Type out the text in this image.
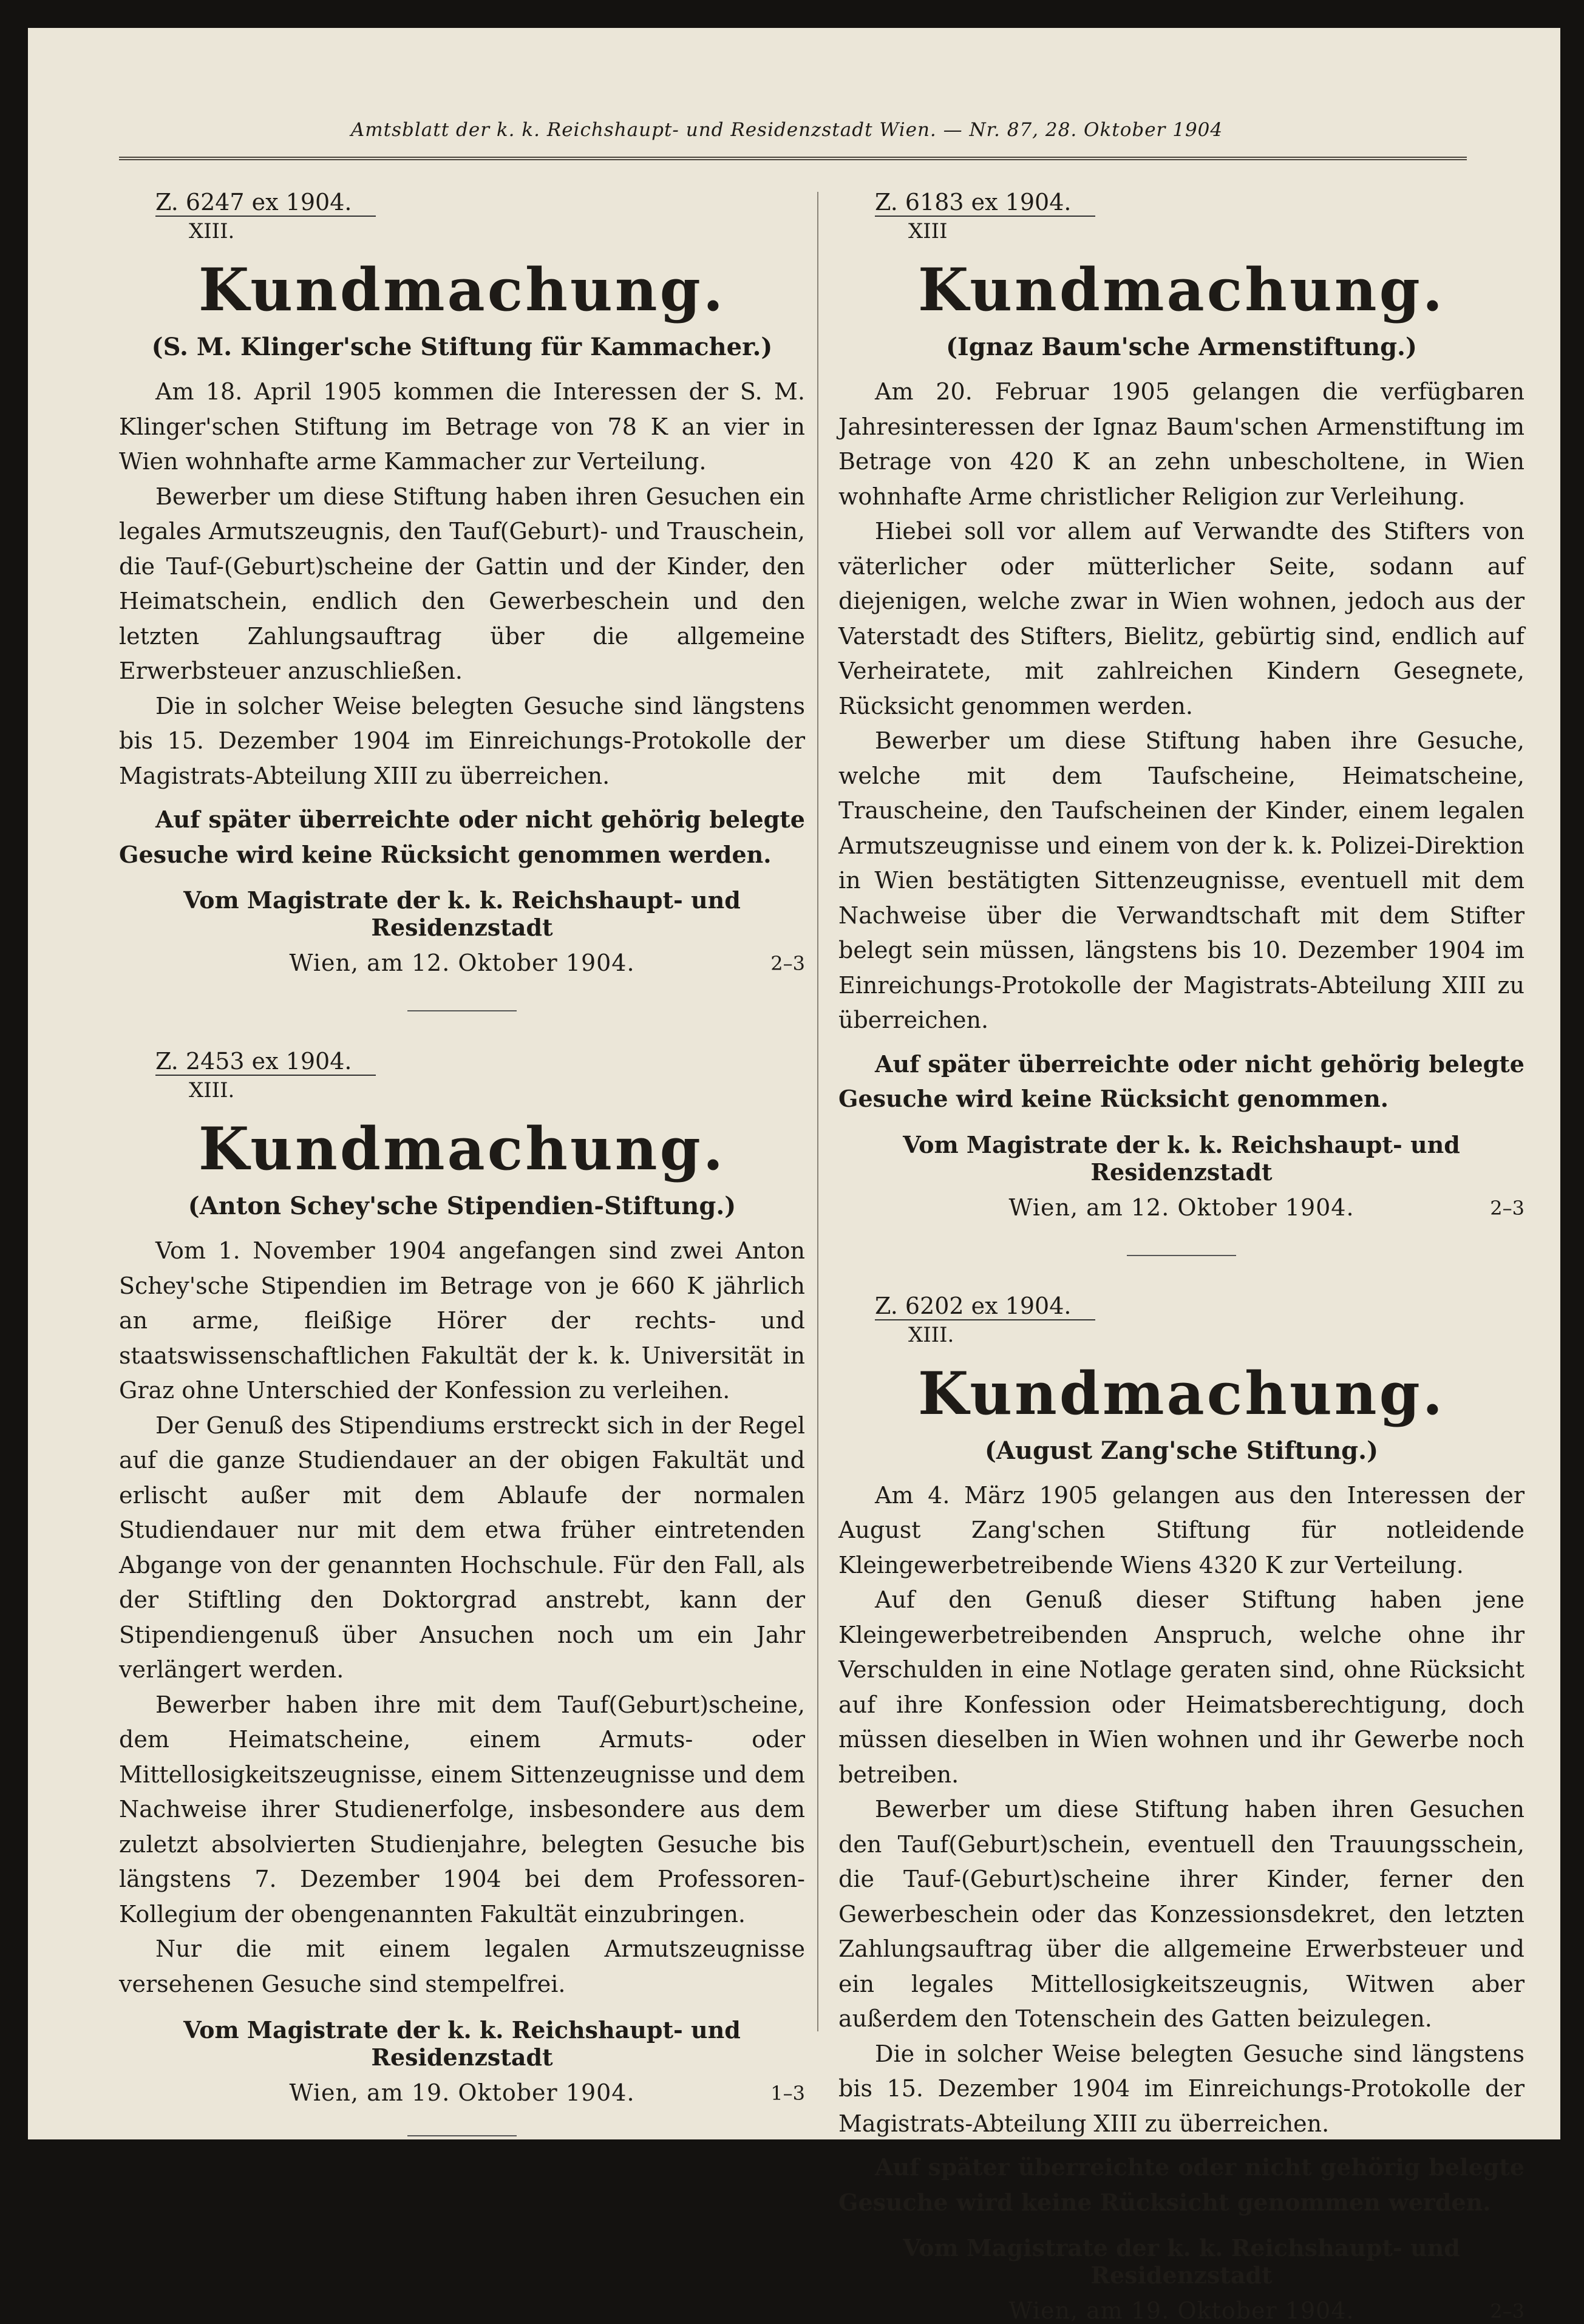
Amtsblatt der k. k. Reichshaupt- und Residenzstadt Wien. — Nr. 87, 28. Oktober 1904
Z. 6247 ex 1904.
XIII.
Kundmachung.
(S. M. Klinger'sche Stiftung für Kammacher.)

Am 18. April 1905 kommen die Interessen der S. M. Klinger'schen Stiftung im Betrage von 78 K an vier in Wien wohnhafte arme Kammacher zur Verteilung.

Bewerber um diese Stiftung haben ihren Gesuchen ein legales Armutszeugnis, den Tauf(Geburt)- und Trauschein, die Tauf-(Geburt)scheine der Gattin und der Kinder, den Heimatschein, endlich den Gewerbeschein und den letzten Zahlungsauftrag über die allgemeine Erwerbsteuer anzuschließen.

Die in solcher Weise belegten Gesuche sind längstens bis 15. Dezember 1904 im Einreichungs-Protokolle der Magistrats-Abteilung XIII zu überreichen.

Auf später überreichte oder nicht gehörig belegte Gesuche wird keine Rücksicht genommen werden.

Vom Magistrate der k. k. Reichshaupt- und Residenzstadt
Wien, am 12. Oktober 1904.	2–3
Z. 2453 ex 1904.
XIII.
Kundmachung.
(Anton Schey'sche Stipendien-Stiftung.)

Vom 1. November 1904 angefangen sind zwei Anton Schey'sche Stipendien im Betrage von je 660 K jährlich an arme, fleißige Hörer der rechts- und staatswissenschaftlichen Fakultät der k. k. Universität in Graz ohne Unterschied der Konfession zu verleihen.

Der Genuß des Stipendiums erstreckt sich in der Regel auf die ganze Studiendauer an der obigen Fakultät und erlischt außer mit dem Ablaufe der normalen Studiendauer nur mit dem etwa früher eintretenden Abgange von der genannten Hochschule. Für den Fall, als der Stiftling den Doktorgrad anstrebt, kann der Stipendiengenuß über Ansuchen noch um ein Jahr verlängert werden.

Bewerber haben ihre mit dem Tauf(Geburt)scheine, dem Heimatscheine, einem Armuts- oder Mittellosigkeitszeugnisse, einem Sittenzeugnisse und dem Nachweise ihrer Studienerfolge, insbesondere aus dem zuletzt absolvierten Studienjahre, belegten Gesuche bis längstens 7. Dezember 1904 bei dem Professoren-Kollegium der obengenannten Fakultät einzubringen.

Nur die mit einem legalen Armutszeugnisse versehenen Gesuche sind stempelfrei.

Vom Magistrate der k. k. Reichshaupt- und Residenzstadt
Wien, am 19. Oktober 1904.	1–3
Z. 6183 ex 1904.
XIII
Kundmachung.
(Ignaz Baum'sche Armenstiftung.)

Am 20. Februar 1905 gelangen die verfügbaren Jahresinteressen der Ignaz Baum'schen Armenstiftung im Betrage von 420 K an zehn unbescholtene, in Wien wohnhafte Arme christlicher Religion zur Verleihung.

Hiebei soll vor allem auf Verwandte des Stifters von väterlicher oder mütterlicher Seite, sodann auf diejenigen, welche zwar in Wien wohnen, jedoch aus der Vaterstadt des Stifters, Bielitz, gebürtig sind, endlich auf Verheiratete, mit zahlreichen Kindern Gesegnete, Rücksicht genommen werden.

Bewerber um diese Stiftung haben ihre Gesuche, welche mit dem Taufscheine, Heimatscheine, Trauscheine, den Taufscheinen der Kinder, einem legalen Armutszeugnisse und einem von der k. k. Polizei-Direktion in Wien bestätigten Sittenzeugnisse, eventuell mit dem Nachweise über die Verwandtschaft mit dem Stifter belegt sein müssen, längstens bis 10. Dezember 1904 im Einreichungs-Protokolle der Magistrats-Abteilung XIII zu überreichen.

Auf später überreichte oder nicht gehörig belegte Gesuche wird keine Rücksicht genommen.

Vom Magistrate der k. k. Reichshaupt- und Residenzstadt
Wien, am 12. Oktober 1904.	2–3
Z. 6202 ex 1904.
XIII.
Kundmachung.
(August Zang'sche Stiftung.)

Am 4. März 1905 gelangen aus den Interessen der August Zang'schen Stiftung für notleidende Kleingewerbetreibende Wiens 4320 K zur Verteilung.

Auf den Genuß dieser Stiftung haben jene Kleingewerbetreibenden Anspruch, welche ohne ihr Verschulden in eine Notlage geraten sind, ohne Rücksicht auf ihre Konfession oder Heimatsberechtigung, doch müssen dieselben in Wien wohnen und ihr Gewerbe noch betreiben.

Bewerber um diese Stiftung haben ihren Gesuchen den Tauf(Geburt)schein, eventuell den Trauungsschein, die Tauf-(Geburt)scheine ihrer Kinder, ferner den Gewerbeschein oder das Konzessionsdekret, den letzten Zahlungsauftrag über die allgemeine Erwerbsteuer und ein legales Mittellosigkeitszeugnis, Witwen aber außerdem den Totenschein des Gatten beizulegen.

Die in solcher Weise belegten Gesuche sind längstens bis 15. Dezember 1904 im Einreichungs-Protokolle der Magistrats-Abteilung XIII zu überreichen.

Auf später überreichte oder nicht gehörig belegte Gesuche wird keine Rücksicht genommen werden.

Vom Magistrate der k. k. Reichshaupt- und Residenzstadt
Wien, am 19. Oktober 1904.	2–3
